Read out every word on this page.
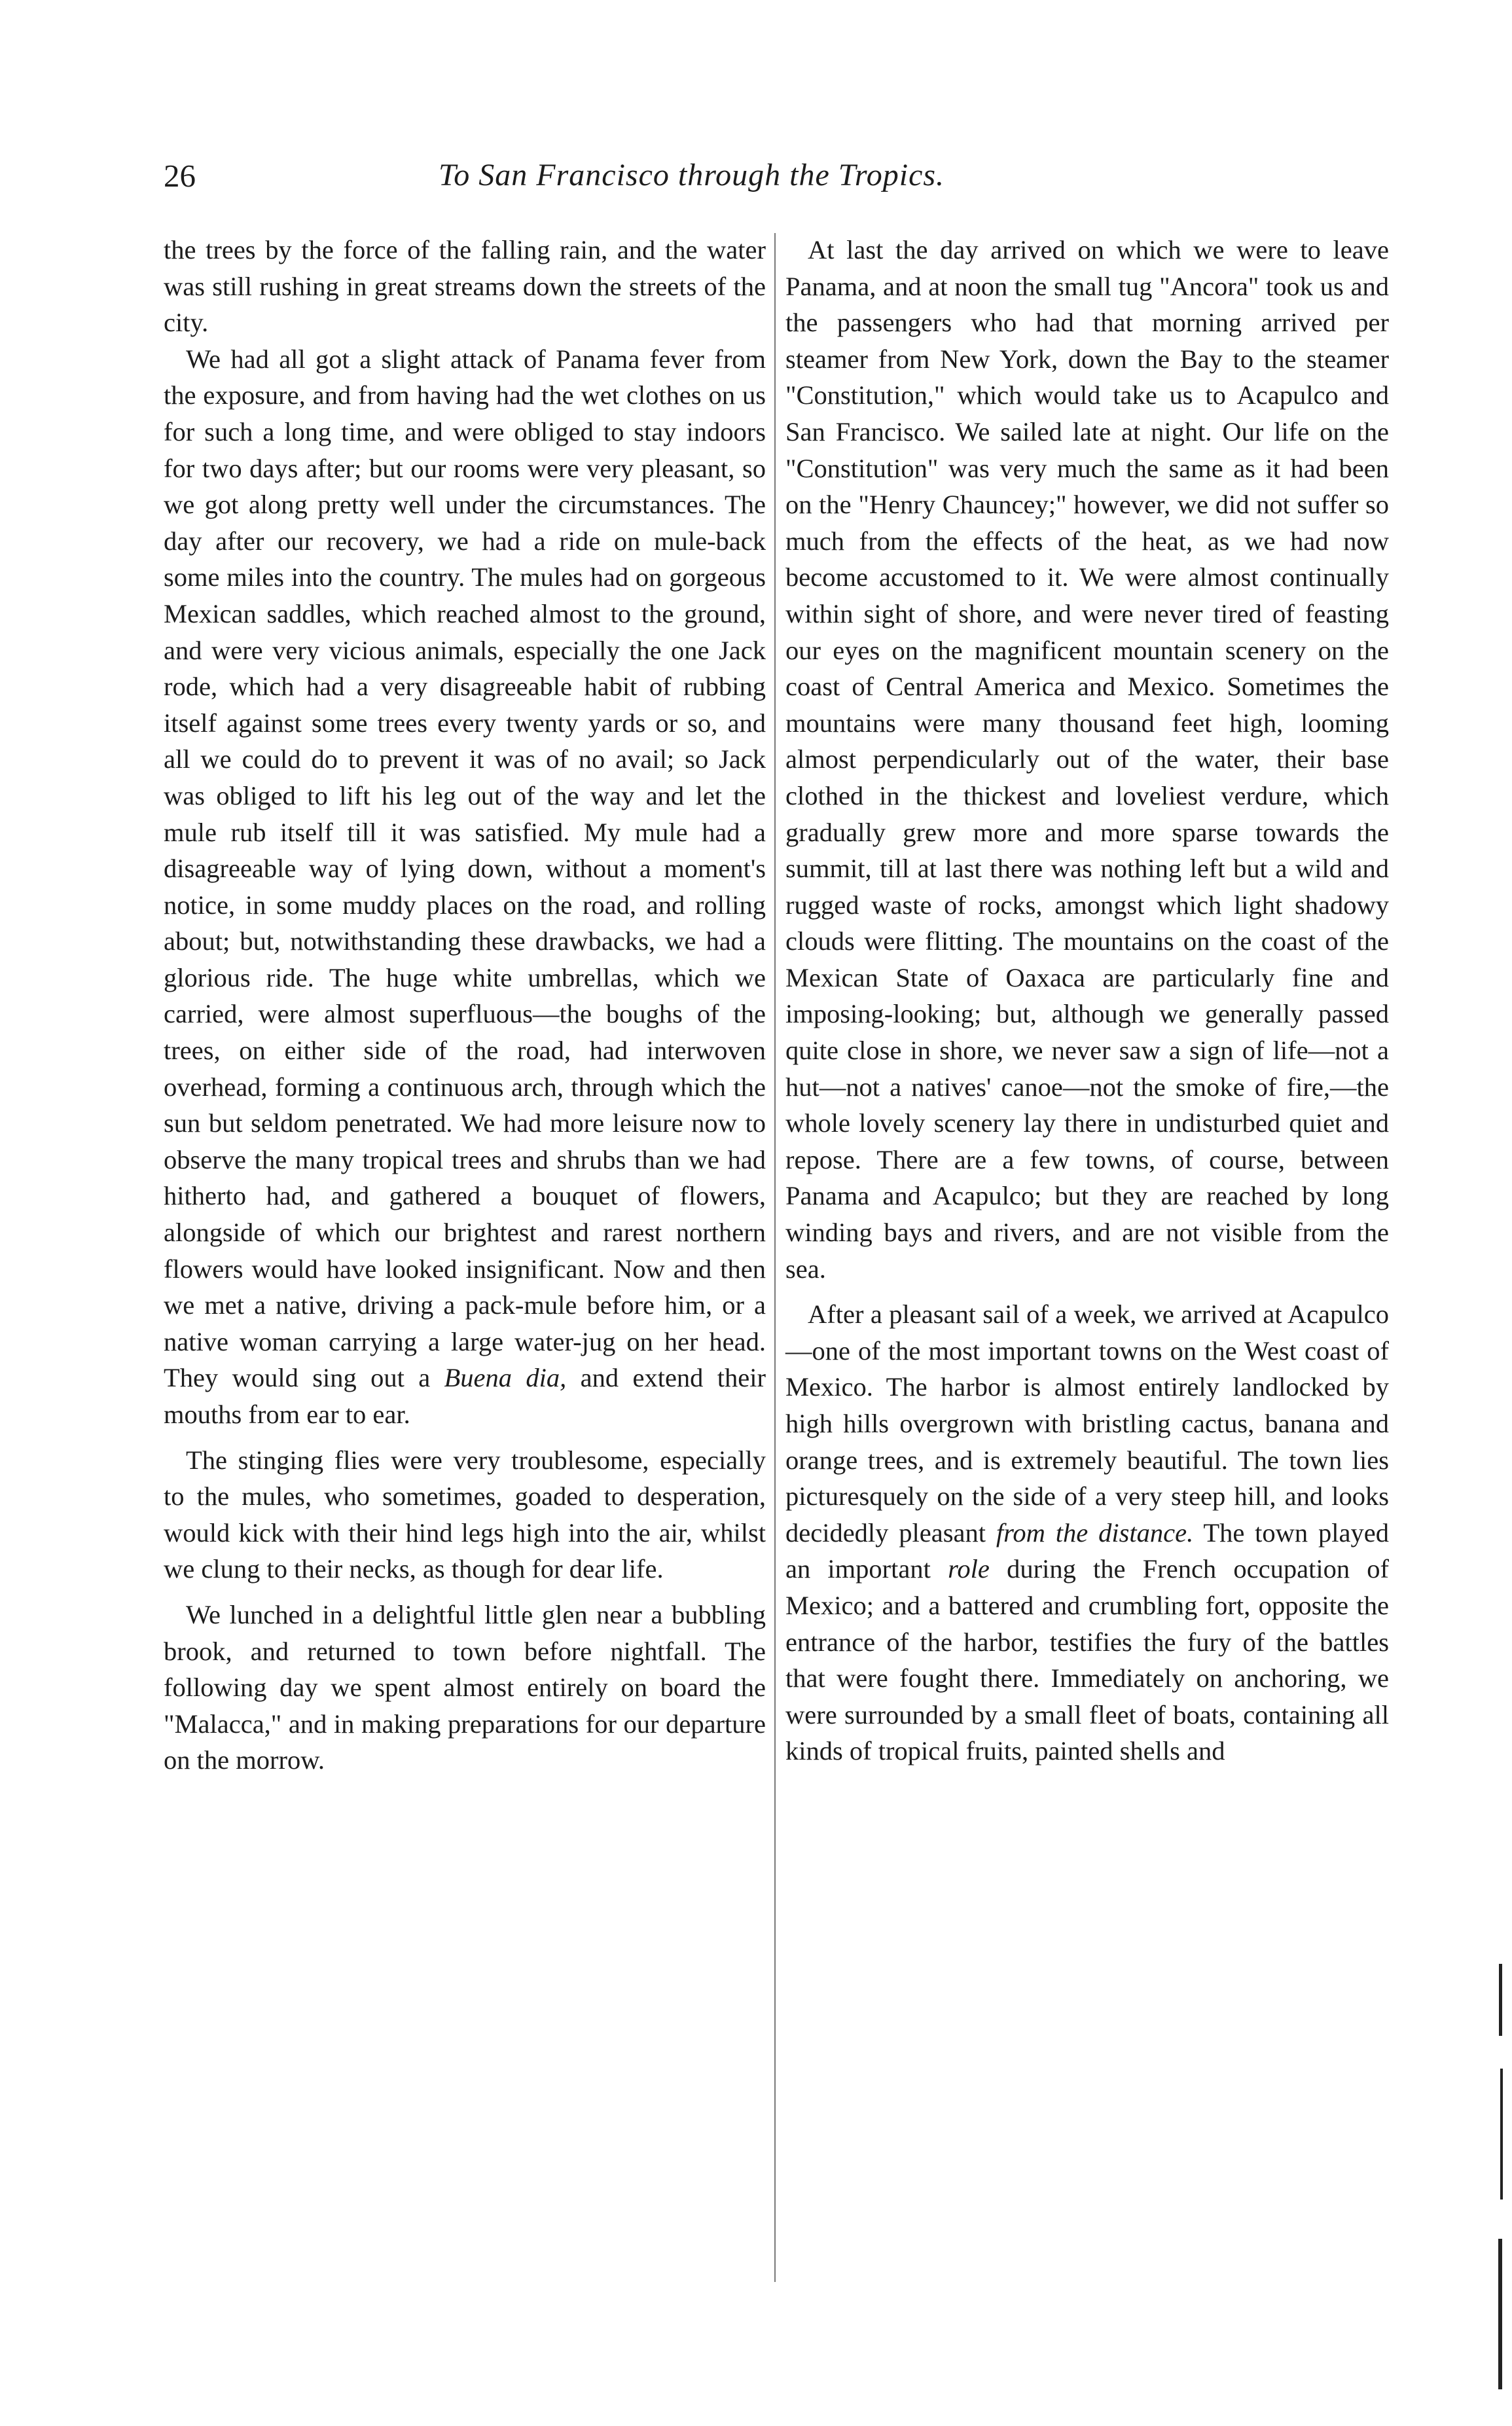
26	To San Francisco through the Tropics.

the trees by the force of the falling rain, and the water was still rushing in great streams down the streets of the city.

We had all got a slight attack of Panama fever from the exposure, and from having had the wet clothes on us for such a long time, and were obliged to stay indoors for two days after; but our rooms were very pleasant, so we got along pretty well under the circumstances. The day after our recovery, we had a ride on mule-back some miles into the country. The mules had on gorgeous Mexican saddles, which reached almost to the ground, and were very vicious animals, especially the one Jack rode, which had a very disagreeable habit of rubbing itself against some trees every twenty yards or so, and all we could do to prevent it was of no avail; so Jack was obliged to lift his leg out of the way and let the mule rub itself till it was satisfied. My mule had a disagreeable way of lying down, without a moment's notice, in some muddy places on the road, and rolling about; but, notwithstanding these drawbacks, we had a glorious ride. The huge white umbrellas, which we carried, were almost superfluous—the boughs of the trees, on either side of the road, had interwoven overhead, forming a continuous arch, through which the sun but seldom penetrated. We had more leisure now to observe the many tropical trees and shrubs than we had hitherto had, and gathered a bouquet of flowers, alongside of which our brightest and rarest northern flowers would have looked insignificant. Now and then we met a native, driving a pack-mule before him, or a native woman carrying a large water-jug on her head. They would sing out a Buena dia, and extend their mouths from ear to ear.

The stinging flies were very troublesome, especially to the mules, who sometimes, goaded to desperation, would kick with their hind legs high into the air, whilst we clung to their necks, as though for dear life.

We lunched in a delightful little glen near a bubbling brook, and returned to town before nightfall. The following day we spent almost entirely on board the "Malacca," and in making preparations for our departure on the morrow.

At last the day arrived on which we were to leave Panama, and at noon the small tug "Ancora" took us and the passengers who had that morning arrived per steamer from New York, down the Bay to the steamer "Constitution," which would take us to Acapulco and San Francisco. We sailed late at night. Our life on the "Constitution" was very much the same as it had been on the "Henry Chauncey;" however, we did not suffer so much from the effects of the heat, as we had now become accustomed to it. We were almost continually within sight of shore, and were never tired of feasting our eyes on the magnificent mountain scenery on the coast of Central America and Mexico. Sometimes the mountains were many thousand feet high, looming almost perpendicularly out of the water, their base clothed in the thickest and loveliest verdure, which gradually grew more and more sparse towards the summit, till at last there was nothing left but a wild and rugged waste of rocks, amongst which light shadowy clouds were flitting. The mountains on the coast of the Mexican State of Oaxaca are particularly fine and imposing-looking; but, although we generally passed quite close in shore, we never saw a sign of life—not a hut—not a natives' canoe—not the smoke of fire,—the whole lovely scenery lay there in undisturbed quiet and repose. There are a few towns, of course, between Panama and Acapulco; but they are reached by long winding bays and rivers, and are not visible from the sea.

After a pleasant sail of a week, we arrived at Acapulco—one of the most important towns on the West coast of Mexico. The harbor is almost entirely landlocked by high hills overgrown with bristling cactus, banana and orange trees, and is extremely beautiful. The town lies picturesquely on the side of a very steep hill, and looks decidedly pleasant from the distance. The town played an important role during the French occupation of Mexico; and a battered and crumbling fort, opposite the entrance of the harbor, testifies the fury of the battles that were fought there. Immediately on anchoring, we were surrounded by a small fleet of boats, containing all kinds of tropical fruits, painted shells and
